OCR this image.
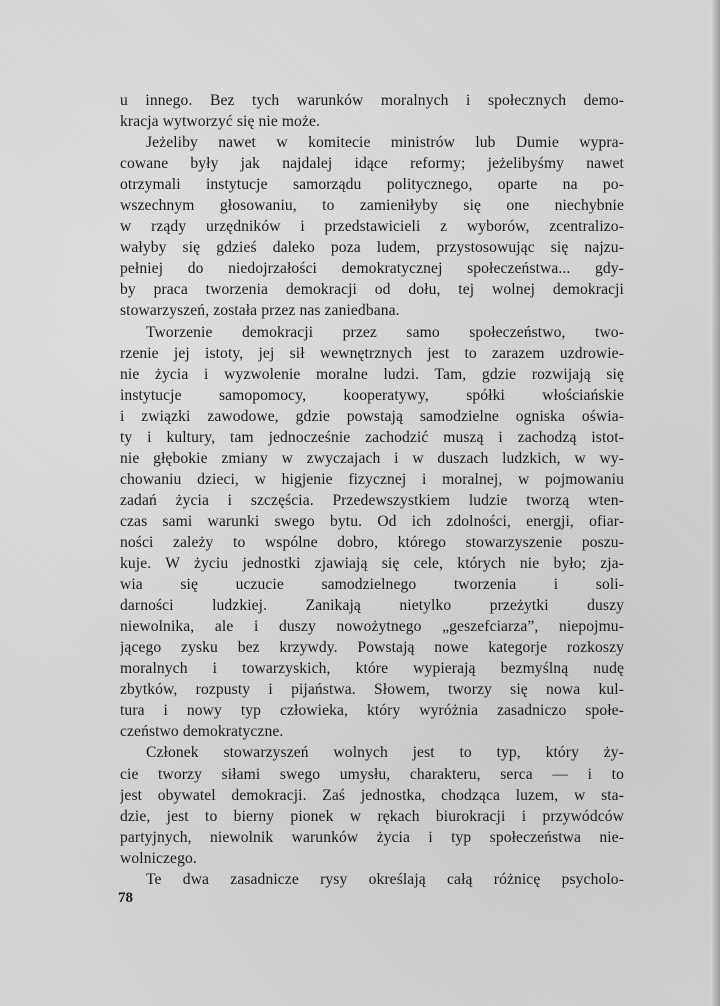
u innego. Bez tych warunków moralnych i społecznych demo-
kracja wytworzyć się nie może.
Jeżeliby nawet w komitecie ministrów lub Dumie wypra-
cowane były jak najdalej idące reformy; jeżelibyśmy nawet
otrzymali instytucje samorządu politycznego, oparte na po-
wszechnym głosowaniu, to zamieniłyby się one niechybnie
w rządy urzędników i przedstawicieli z wyborów, zcentralizo-
wałyby się gdzieś daleko poza ludem, przystosowując się najzu-
pełniej do niedojrzałości demokratycznej społeczeństwa... gdy-
by praca tworzenia demokracji od dołu, tej wolnej demokracji
stowarzyszeń, została przez nas zaniedbana.
Tworzenie demokracji przez samo społeczeństwo, two-
rzenie jej istoty, jej sił wewnętrznych jest to zarazem uzdrowie-
nie życia i wyzwolenie moralne ludzi. Tam, gdzie rozwijają się
instytucje samopomocy, kooperatywy, spółki włościańskie
i związki zawodowe, gdzie powstają samodzielne ogniska oświa-
ty i kultury, tam jednocześnie zachodzić muszą i zachodzą istot-
nie głębokie zmiany w zwyczajach i w duszach ludzkich, w wy-
chowaniu dzieci, w higjenie fizycznej i moralnej, w pojmowaniu
zadań życia i szczęścia. Przedewszystkiem ludzie tworzą wten-
czas sami warunki swego bytu. Od ich zdolności, energji, ofiar-
ności zależy to wspólne dobro, którego stowarzyszenie poszu-
kuje. W życiu jednostki zjawiają się cele, których nie było; zja-
wia się uczucie samodzielnego tworzenia i soli-
darności ludzkiej. Zanikają nietylko przeżytki duszy
niewolnika, ale i duszy nowożytnego „geszefciarza”, niepojmu-
jącego zysku bez krzywdy. Powstają nowe kategorje rozkoszy
moralnych i towarzyskich, które wypierają bezmyślną nudę
zbytków, rozpusty i pijaństwa. Słowem, tworzy się nowa kul-
tura i nowy typ człowieka, który wyróżnia zasadniczo społe-
czeństwo demokratyczne.
Członek stowarzyszeń wolnych jest to typ, który ży-
cie tworzy siłami swego umysłu, charakteru, serca — i to
jest obywatel demokracji. Zaś jednostka, chodząca luzem, w sta-
dzie, jest to bierny pionek w rękach biurokracji i przywódców
partyjnych, niewolnik warunków życia i typ społeczeństwa nie-
wolniczego.
Te dwa zasadnicze rysy określają całą różnicę psycholo-
78
